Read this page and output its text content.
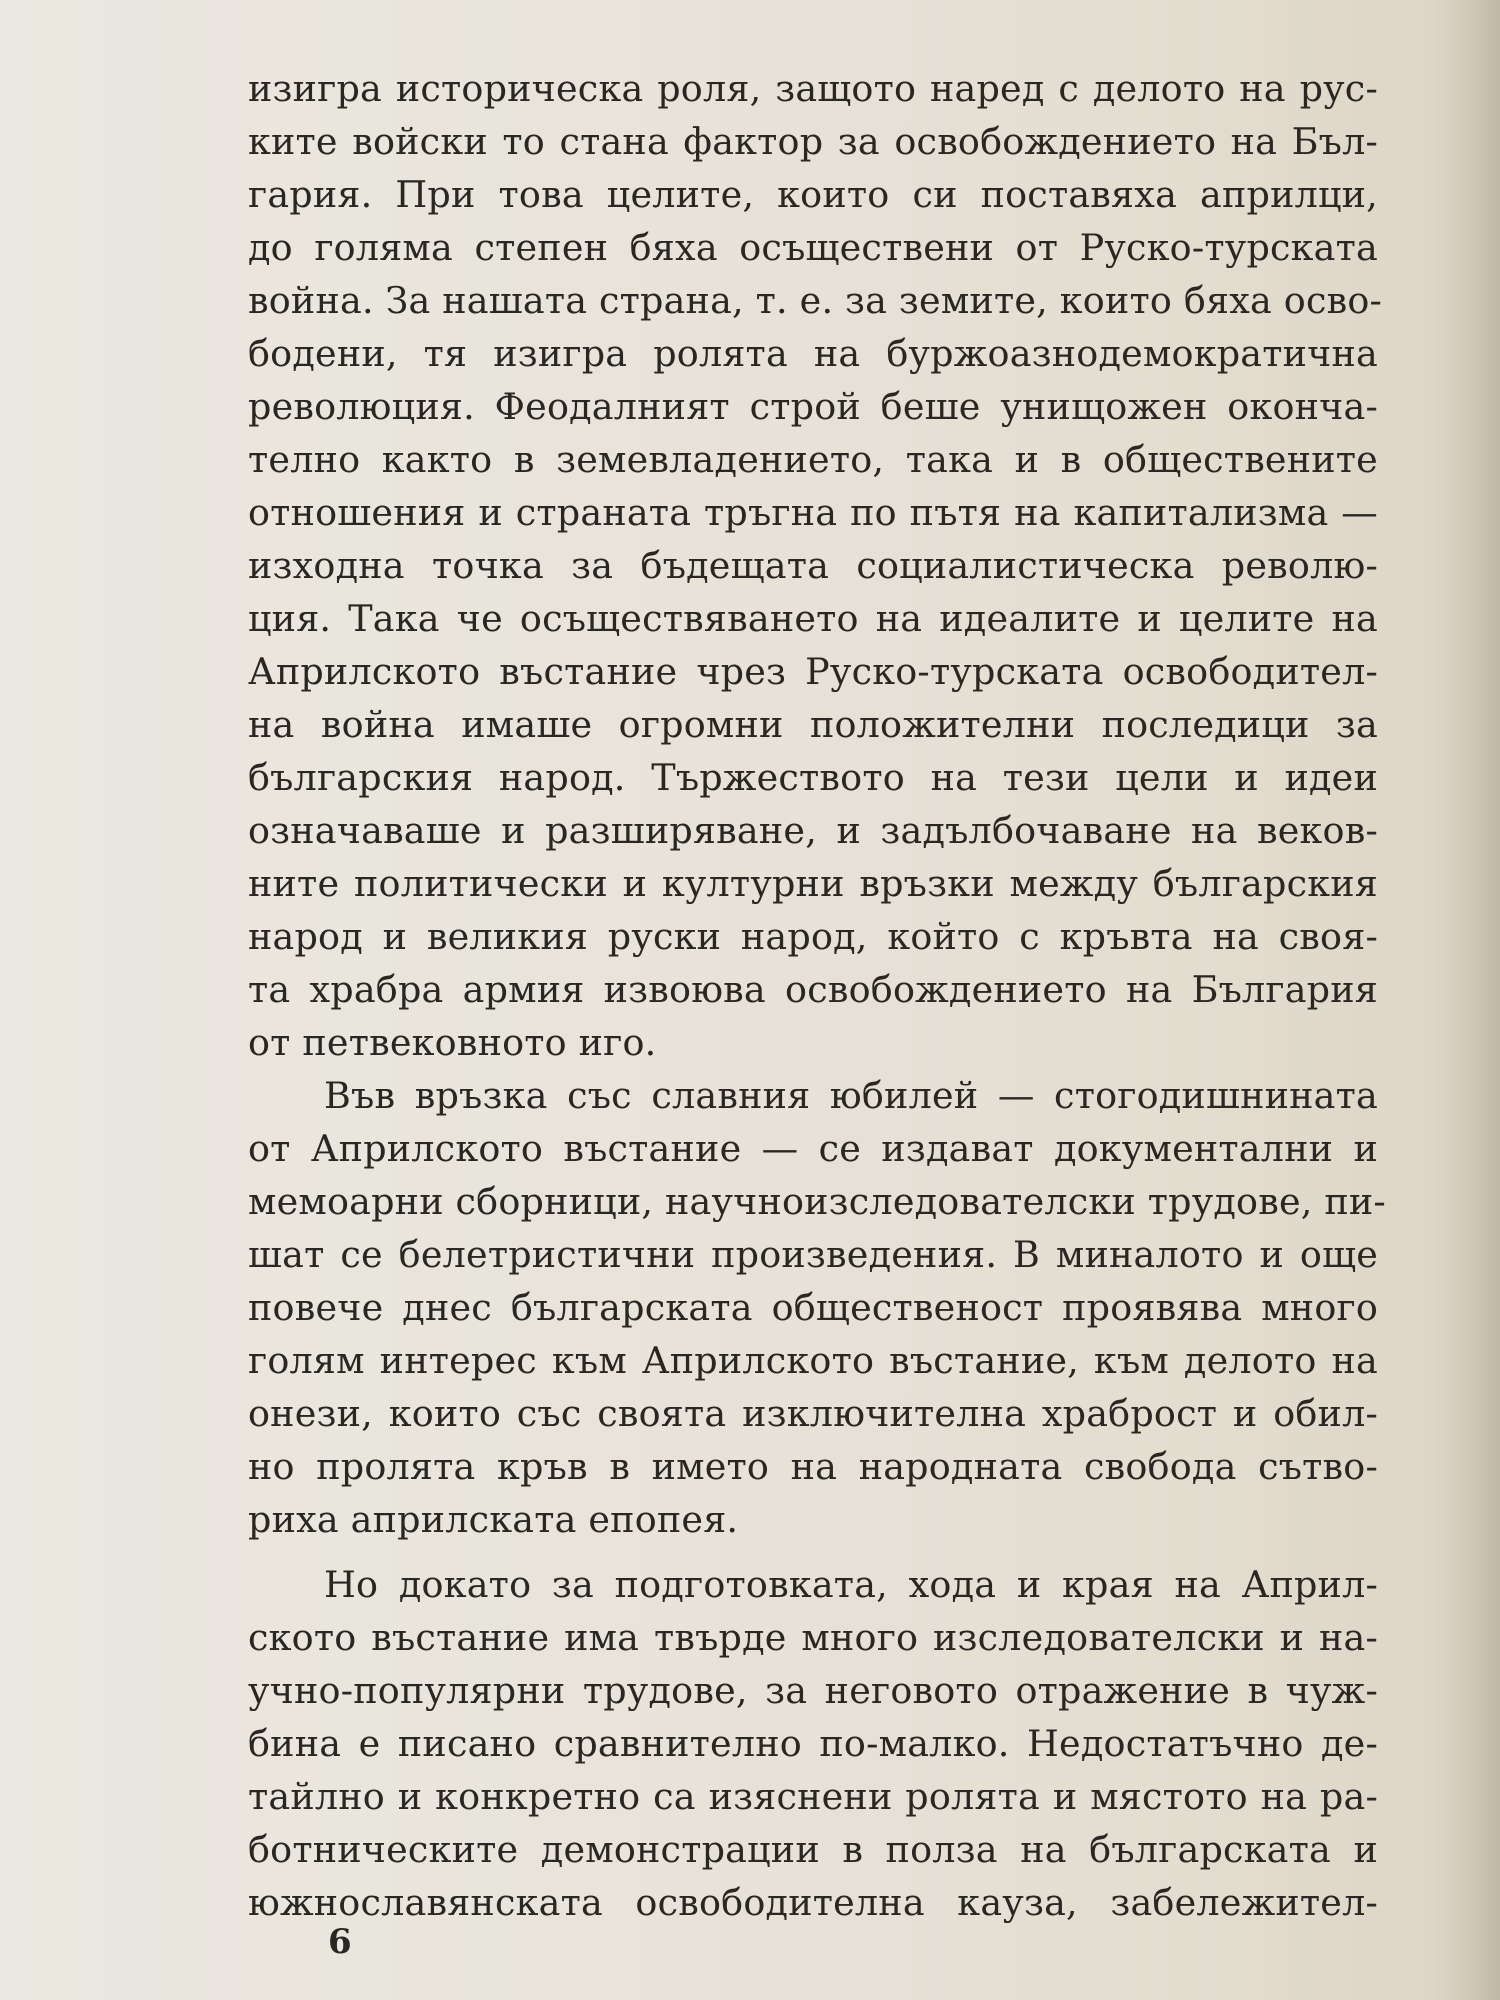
изигра историческа роля, защото наред с делото на рус-
ките войски то стана фактор за освобождението на Бъл-
гария. При това целите, които си поставяха априлци,
до голяма степен бяха осъществени от Руско-турската
война. За нашата страна, т. е. за земите, които бяха осво-
бодени, тя изигра ролята на буржоазнодемократична
революция. Феодалният строй беше унищожен оконча-
телно както в земевладението, така и в обществените
отношения и страната тръгна по пътя на капитализма —
изходна точка за бъдещата социалистическа револю-
ция. Така че осъществяването на идеалите и целите на
Априлското въстание чрез Руско-турската освободител-
на война имаше огромни положителни последици за
българския народ. Тържеството на тези цели и идеи
означаваше и разширяване, и задълбочаване на веков-
ните политически и културни връзки между българския
народ и великия руски народ, който с кръвта на своя-
та храбра армия извоюва освобождението на България
от петвековното иго.
Във връзка със славния юбилей — стогодишнината
от Априлското въстание — се издават документални и
мемоарни сборници, научноизследователски трудове, пи-
шат се белетристични произведения. В миналото и още
повече днес българската общественост проявява много
голям интерес към Априлското въстание, към делото на
онези, които със своята изключителна храброст и обил-
но пролята кръв в името на народната свобода сътво-
риха априлската епопея.
Но докато за подготовката, хода и края на Април-
ското въстание има твърде много изследователски и на-
учно-популярни трудове, за неговото отражение в чуж-
бина е писано сравнително по-малко. Недостатъчно де-
тайлно и конкретно са изяснени ролята и мястото на ра-
ботническите демонстрации в полза на българската и
южнославянската освободителна кауза, забележител-
6
